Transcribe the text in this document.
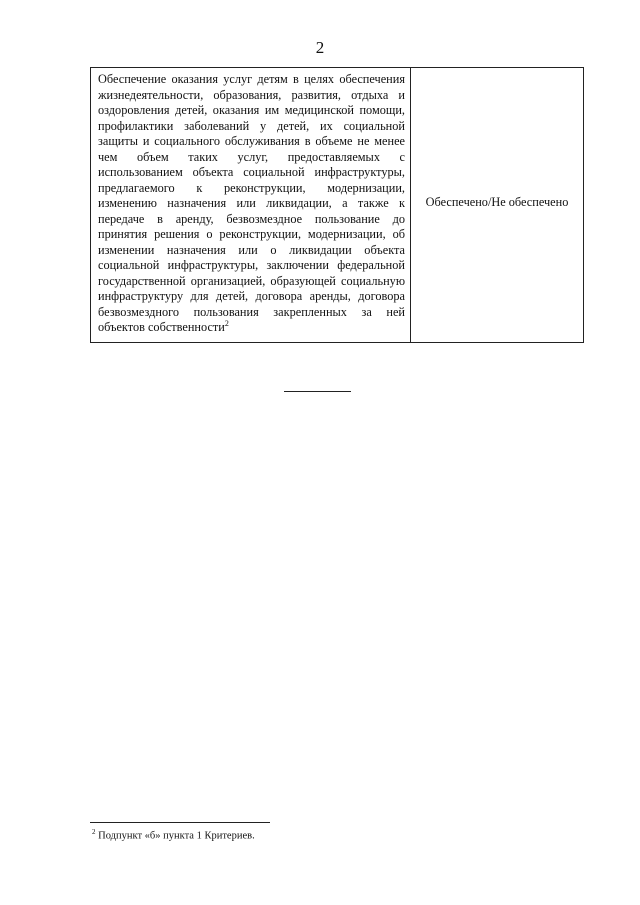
2
Обеспечение оказания услуг детям в целях обеспечения жизнедеятельности, образования, развития, отдыха и оздоровления детей, оказания им медицинской помощи, профилактики заболеваний у детей, их социальной защиты и социального обслуживания в объеме не менее чем объем таких услуг, предоставляемых с использованием объекта социальной инфраструктуры, предлагаемого к реконструкции, модернизации, изменению назначения или ликвидации, а также к передаче в аренду, безвозмездное пользование до принятия решения о реконструкции, модернизации, об изменении назначения или о ликвидации объекта социальной инфраструктуры, заключении федеральной государственной организацией, образующей социальную инфраструктуру для детей, договора аренды, договора безвозмездного пользования закрепленных за ней объектов собственности$^2$
Обеспечено/Не обеспечено
$^2$ Подпункт «б» пункта 1 Критериев.
